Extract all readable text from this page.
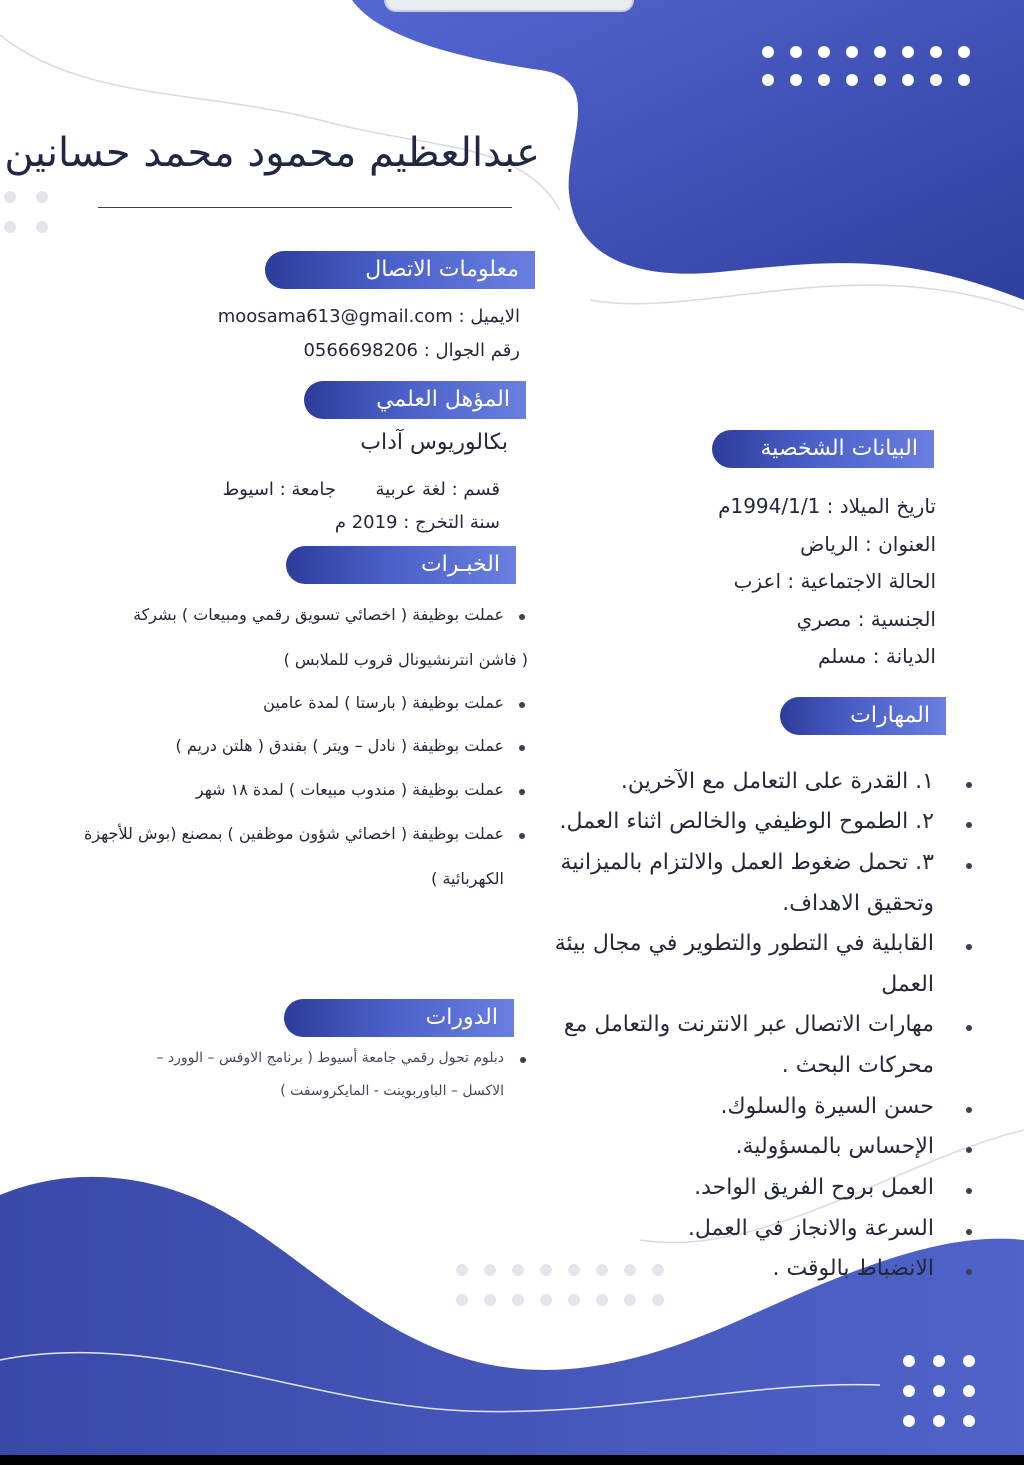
عبدالعظيم محمود محمد حسانين
معلومات الاتصال
الايميل : moosama613@gmail.com
رقم الجوال : 0566698206
المؤهل العلمي
بكالوريوس آداب
قسم : لغة عربية
جامعة : اسيوط
سنة التخرج : 2019 م
الخبـرات
عملت بوظيفة ( اخصائي تسويق رقمي ومبيعات ) بشركة
( فاشن انترنشيونال قروب للملابس )
عملت بوظيفة ( بارستا ) لمدة عامين
عملت بوظيفة ( نادل – ويتر ) بفندق ( هلتن دريم )
عملت بوظيفة ( مندوب مبيعات ) لمدة ١٨ شهر
عملت بوظيفة ( اخصائي شؤون موظفين ) بمصنع (بوش للأجهزة
الكهربائية )
الدورات
دبلوم تحول رقمي جامعة أسيوط ( برنامج الاوفس – الوورد –
الاكسل – الباوربوينت - المايكروسفت )
البيانات الشخصية
تاريخ الميلاد : 1994/1/1م
العنوان : الرياض
الحالة الاجتماعية : اعزب
الجنسية : مصري
الديانة : مسلم
المهارات
١. القدرة على التعامل مع الآخرين.
٢. الطموح الوظيفي والخالص اثناء العمل.
٣. تحمل ضغوط العمل والالتزام بالميزانية
وتحقيق الاهداف.
القابلية في التطور والتطوير في مجال بيئة
العمل
مهارات الاتصال عبر الانترنت والتعامل مع
محركات البحث .
حسن السيرة والسلوك.
الإحساس بالمسؤولية.
العمل بروح الفريق الواحد.
السرعة والانجاز في العمل.
الانضباط بالوقت .
